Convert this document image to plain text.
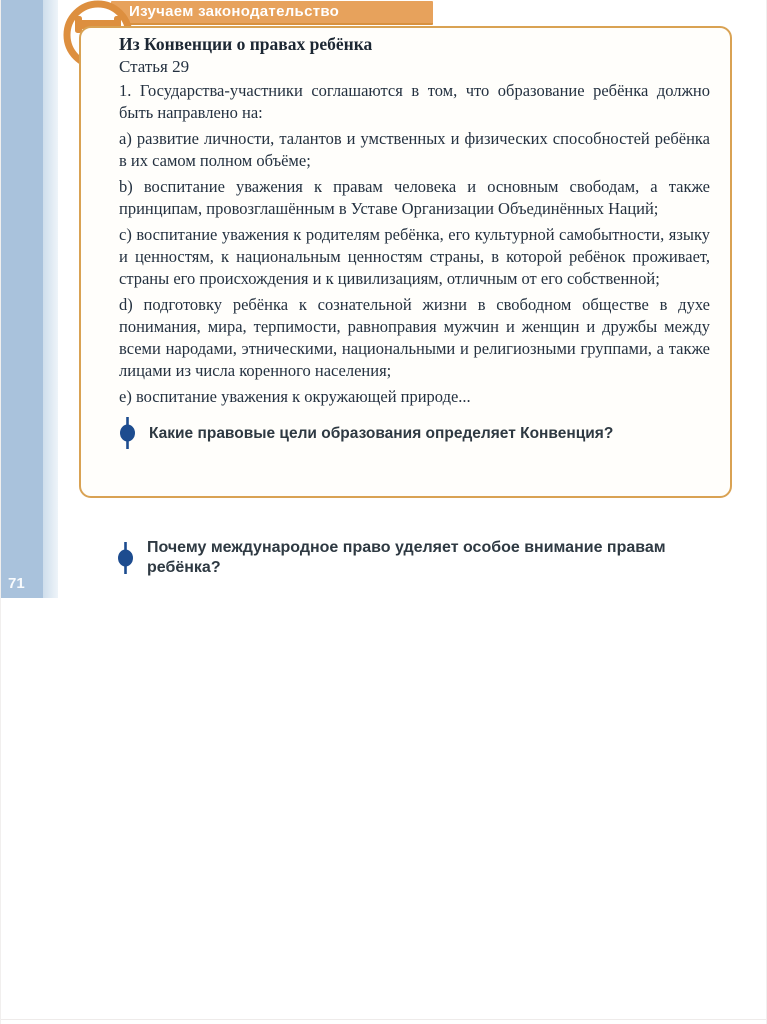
71
Изучаем законодательство

Из Конвенции о правах ребёнка

Статья 29

1. Государства-участники соглашаются в том, что образование ребёнка должно быть направлено на:

a) развитие личности, талантов и умственных и физических способностей ребёнка в их самом полном объёме;

b) воспитание уважения к правам человека и основным свободам, а также принципам, провозглашённым в Уставе Организации Объединённых Наций;

c) воспитание уважения к родителям ребёнка, его культурной самобытности, языку и ценностям, к национальным ценностям страны, в которой ребёнок проживает, страны его происхождения и к цивилизациям, отличным от его собственной;

d) подготовку ребёнка к сознательной жизни в свободном обществе в духе понимания, мира, терпимости, равноправия мужчин и женщин и дружбы между всеми народами, этническими, национальными и религиозными группами, а также лицами из числа коренного населения;

e) воспитание уважения к окружающей природе...

Какие правовые цели образования определяет Конвенция?
Почему международное право уделяет особое внимание правам ребёнка?
